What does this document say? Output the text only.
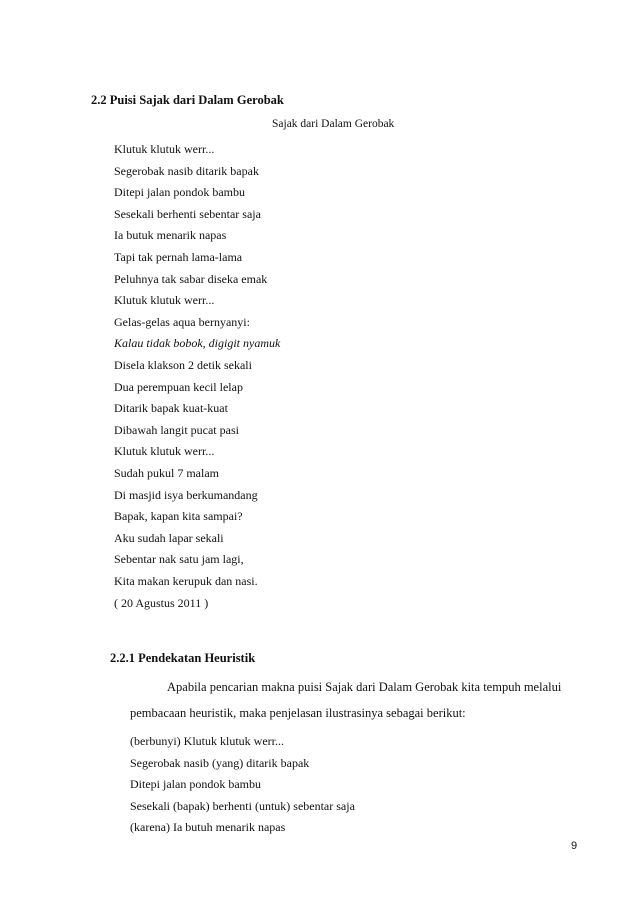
2.2 Puisi Sajak dari Dalam Gerobak
Sajak dari Dalam Gerobak
Klutuk klutuk werr...
Segerobak nasib ditarik bapak
Ditepi jalan pondok bambu
Sesekali berhenti sebentar saja
Ia butuk menarik napas
Tapi tak pernah lama-lama
Peluhnya tak sabar diseka emak
Klutuk klutuk werr...
Gelas-gelas aqua bernyanyi:
Kalau tidak bobok, digigit nyamuk
Disela klakson 2 detik sekali
Dua perempuan kecil lelap
Ditarik bapak kuat-kuat
Dibawah langit pucat pasi
Klutuk klutuk werr...
Sudah pukul 7 malam
Di masjid isya berkumandang
Bapak, kapan kita sampai?
Aku sudah lapar sekali
Sebentar nak satu jam lagi,
Kita makan kerupuk dan nasi.
( 20 Agustus 2011 )
2.2.1 Pendekatan Heuristik
Apabila pencarian makna puisi Sajak dari Dalam Gerobak kita tempuh melalui
pembacaan heuristik, maka penjelasan ilustrasinya sebagai berikut:
(berbunyi) Klutuk klutuk werr...
Segerobak nasib (yang) ditarik bapak
Ditepi jalan pondok bambu
Sesekali (bapak) berhenti (untuk) sebentar saja
(karena) Ia butuh menarik napas
9
